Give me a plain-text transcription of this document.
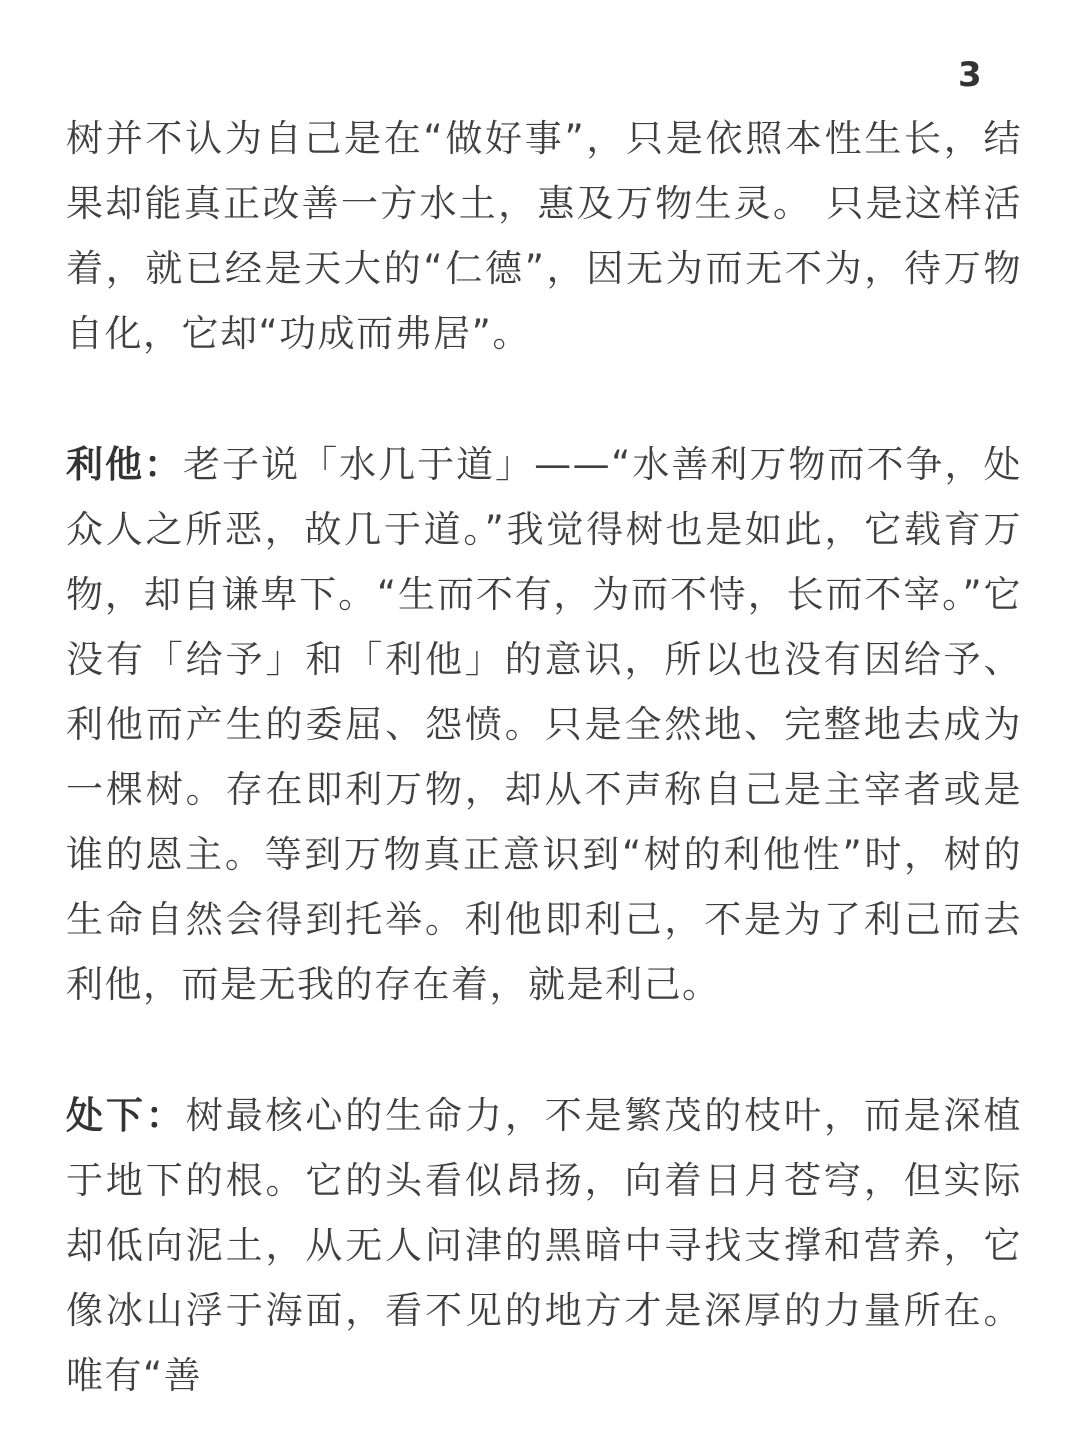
3

树并不认为自己是在“做好事”，只是依照本性生长，结果却能真正改善一方水土，惠及万物生灵。 只是这样活着，就已经是天大的“仁德”，因无为而无不为，待万物自化，它却“功成而弗居”。

利他：老子说「水几于道」——“水善利万物而不争，处众人之所恶，故几于道。”我觉得树也是如此，它载育万物，却自谦卑下。“生而不有，为而不恃，长而不宰。”它没有「给予」和「利他」的意识，所以也没有因给予、利他而产生的委屈、怨愤。只是全然地、完整地去成为一棵树。存在即利万物，却从不声称自己是主宰者或是谁的恩主。等到万物真正意识到“树的利他性”时，树的生命自然会得到托举。利他即利己，不是为了利己而去利他，而是无我的存在着，就是利己。

处下：树最核心的生命力，不是繁茂的枝叶，而是深植于地下的根。它的头看似昂扬，向着日月苍穹，但实际却低向泥土，从无人问津的黑暗中寻找支撑和营养，它像冰山浮于海面，看不见的地方才是深厚的力量所在。唯有“善
